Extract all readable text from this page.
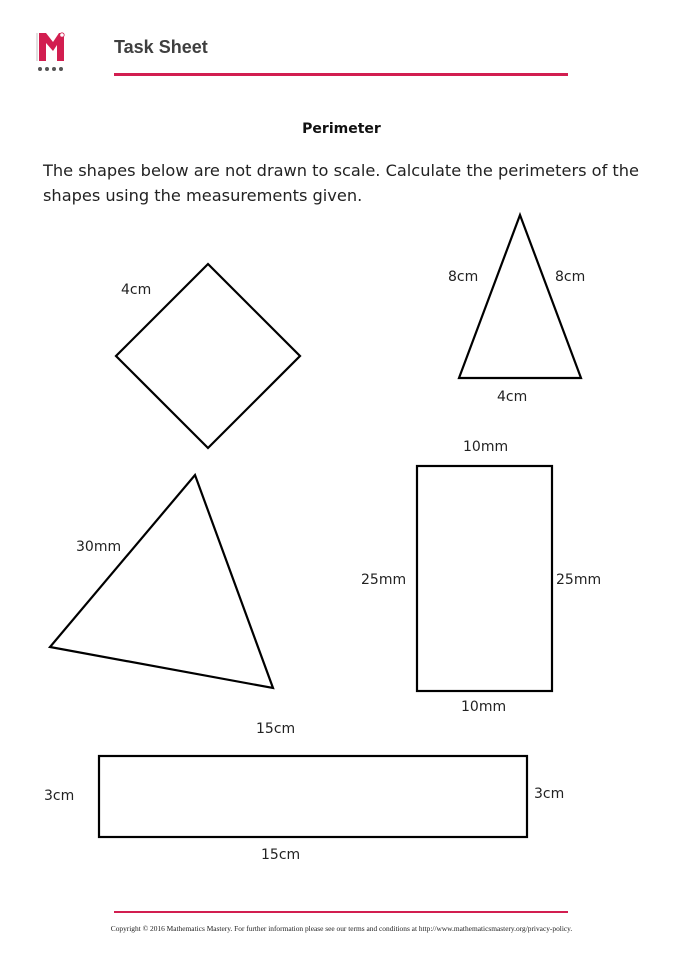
Task Sheet
Perimeter
The shapes below are not drawn to scale. Calculate the perimeters of the shapes using the measurements given.
4cm
8cm	8cm
4cm
30mm
10mm
25mm	25mm
10mm
15cm
3cm	3cm
15cm
Copyright © 2016 Mathematics Mastery. For further information please see our terms and conditions at http://www.mathematicsmastery.org/privacy-policy.
